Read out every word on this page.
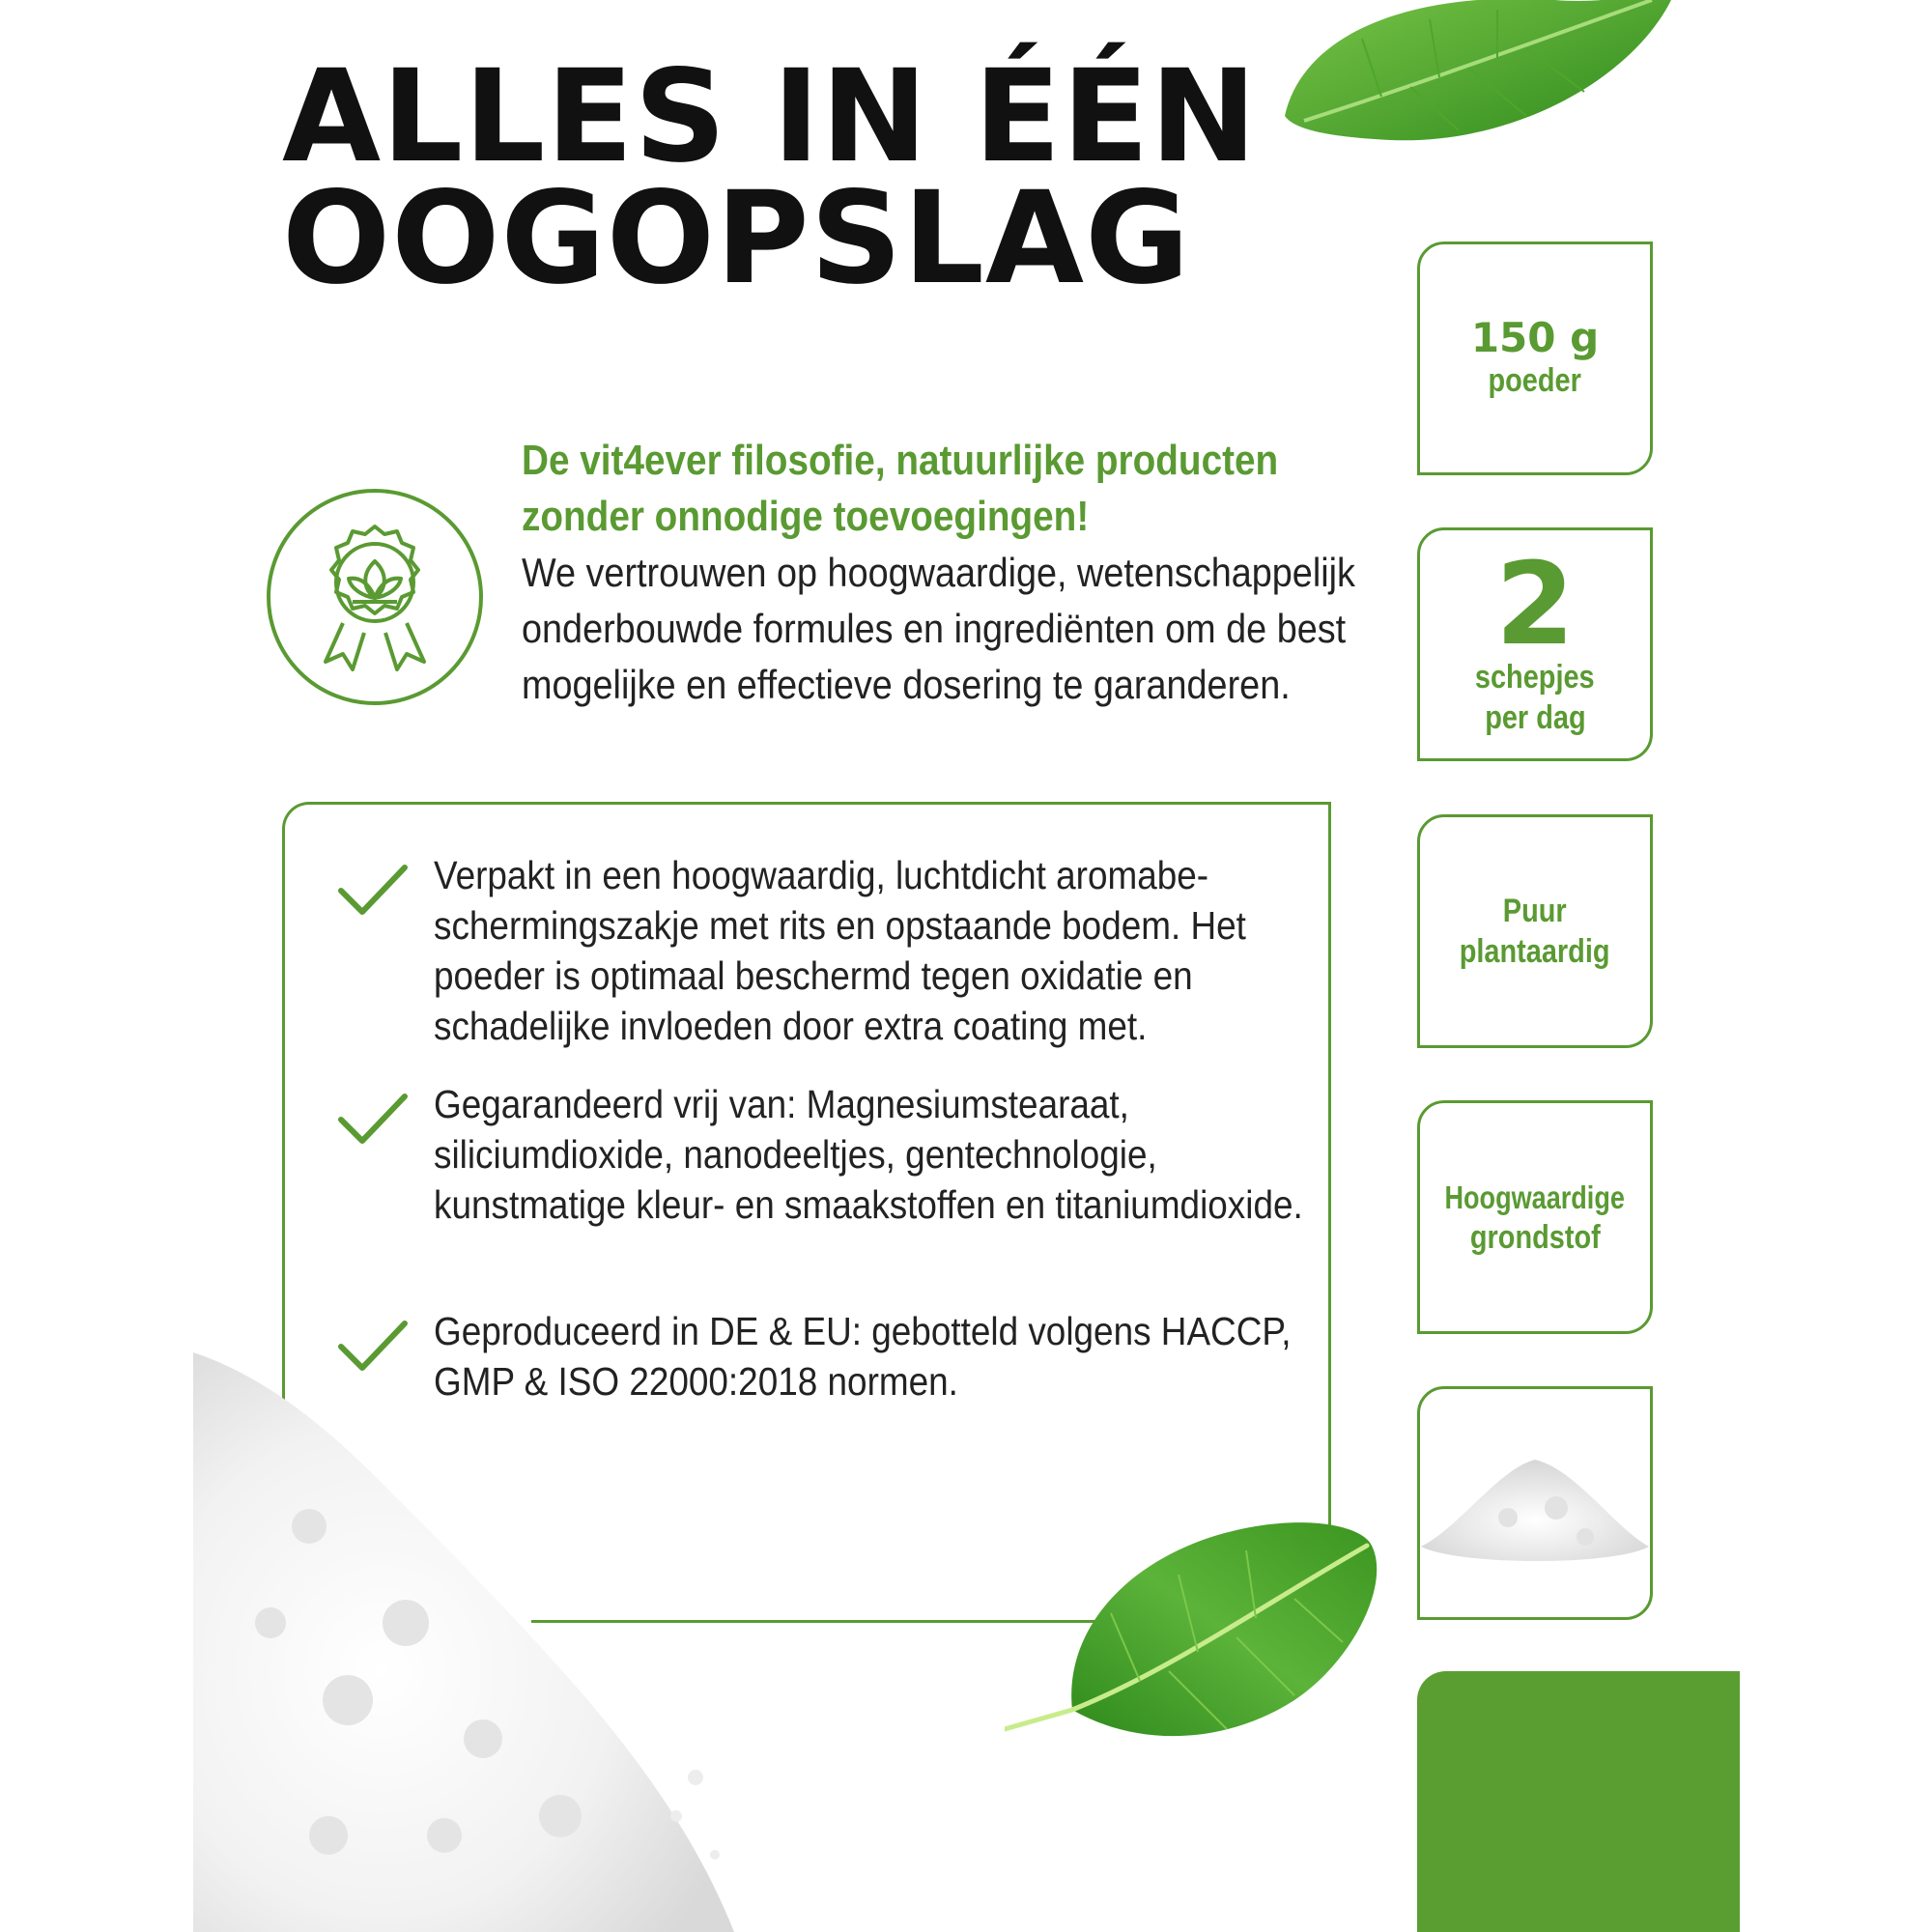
ALLES IN ÉÉN
OOGOPSLAG
De vit4ever filosofie, natuurlijke producten zonder onnodige toevoegingen!
We vertrouwen op hoogwaardige, wetenschappelijk onderbouwde formules en ingrediënten om de best mogelijke en effectieve dosering te garanderen.
Verpakt in een hoogwaardig, luchtdicht aromabe-schermingszakje met rits en opstaande bodem. Het poeder is optimaal beschermd tegen oxidatie en schadelijke invloeden door extra coating met.
Gegarandeerd vrij van: Magnesiumstearaat, siliciumdioxide, nanodeeltjes, gentechnologie, kunstmatige kleur- en smaakstoffen en titaniumdioxide.
Geproduceerd in DE & EU: gebotteld volgens HACCP, GMP & ISO 22000:2018 normen.
150 g
poeder
2
schepjes
per dag
Puur
plantaardig
Hoogwaardige
grondstof
